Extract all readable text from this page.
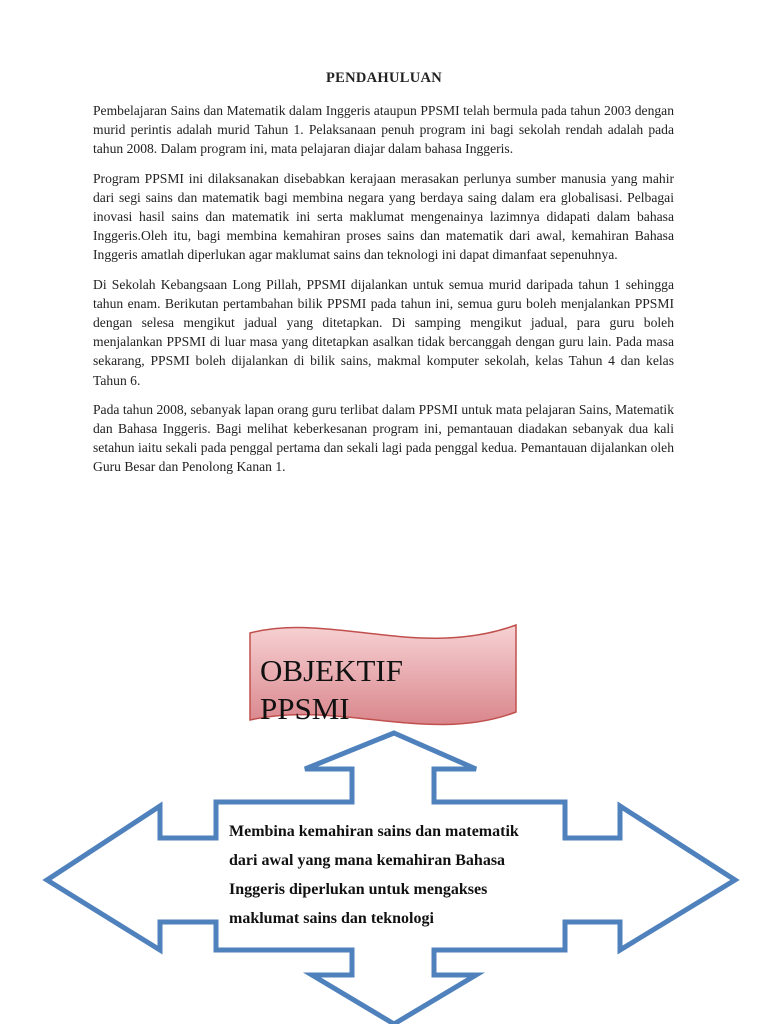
PENDAHULUAN

Pembelajaran Sains dan Matematik dalam Inggeris ataupun PPSMI telah bermula pada tahun 2003 dengan murid perintis adalah murid Tahun 1. Pelaksanaan penuh program ini bagi sekolah rendah adalah pada tahun 2008. Dalam program ini, mata pelajaran diajar dalam bahasa Inggeris.

Program PPSMI ini dilaksanakan disebabkan kerajaan merasakan perlunya sumber manusia yang mahir dari segi sains dan matematik bagi membina negara yang berdaya saing dalam era globalisasi. Pelbagai inovasi hasil sains dan matematik ini serta maklumat mengenainya lazimnya didapati dalam bahasa Inggeris.Oleh itu, bagi membina kemahiran proses sains dan matematik dari awal, kemahiran Bahasa Inggeris amatlah diperlukan agar maklumat sains dan teknologi ini dapat dimanfaat sepenuhnya.

Di Sekolah Kebangsaan Long Pillah, PPSMI dijalankan untuk semua murid daripada tahun 1 sehingga tahun enam. Berikutan pertambahan bilik PPSMI pada tahun ini, semua guru boleh menjalankan PPSMI dengan selesa mengikut jadual yang ditetapkan. Di samping mengikut jadual, para guru boleh menjalankan PPSMI di luar masa yang ditetapkan asalkan tidak bercanggah dengan guru lain. Pada masa sekarang, PPSMI boleh dijalankan di bilik sains, makmal komputer sekolah, kelas Tahun 4 dan kelas Tahun 6.

Pada tahun 2008, sebanyak lapan orang guru terlibat dalam PPSMI untuk mata pelajaran Sains, Matematik dan Bahasa Inggeris. Bagi melihat keberkesanan program ini, pemantauan diadakan sebanyak dua kali setahun iaitu sekali pada penggal pertama dan sekali lagi pada penggal kedua. Pemantauan dijalankan oleh Guru Besar dan Penolong Kanan 1.

OBJEKTIF
PPSMI
Membina kemahiran sains dan matematik
dari awal yang mana kemahiran Bahasa
Inggeris diperlukan untuk mengakses
maklumat sains dan teknologi
